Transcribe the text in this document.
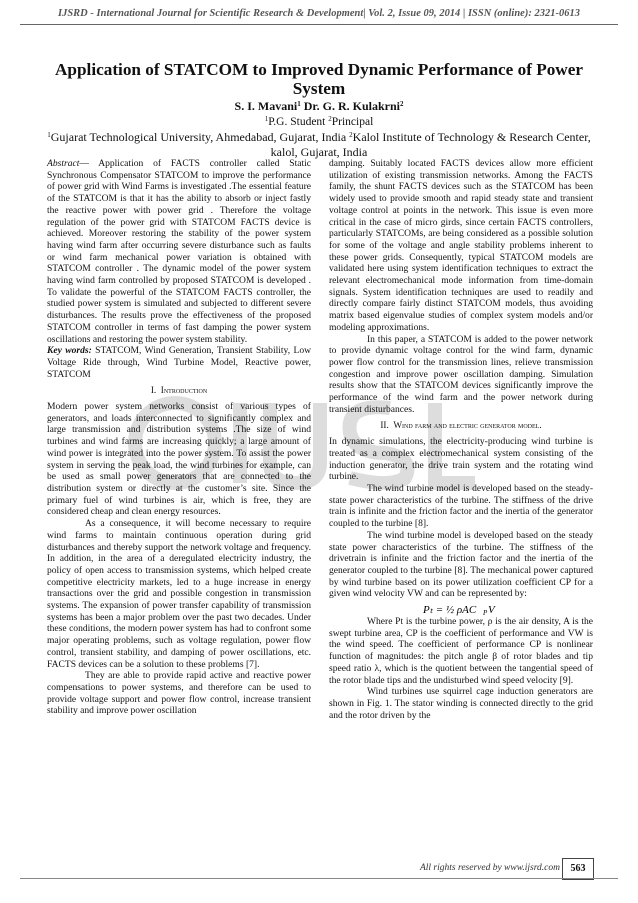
IJSRD - International Journal for Scientific Research & Development| Vol. 2, Issue 09, 2014 | ISSN (online): 2321-0613
Application of STATCOM to Improved Dynamic Performance of Power System
S. I. Mavani$^1$ Dr. G. R. Kulakrni$^2$
$^1$P.G. Student $^2$Principal
$^1$Gujarat Technological University, Ahmedabad, Gujarat, India $^2$Kalol Institute of Technology & Research Center, kalol, Gujarat, India

Abstract— Application of FACTS controller called Static Synchronous Compensator STATCOM to improve the performance of power grid with Wind Farms is investigated .The essential feature of the STATCOM is that it has the ability to absorb or inject fastly the reactive power with power grid . Therefore the voltage regulation of the power grid with STATCOM FACTS device is achieved. Moreover restoring the stability of the power system having wind farm after occurring severe disturbance such as faults or wind farm mechanical power variation is obtained with STATCOM controller . The dynamic model of the power system having wind farm controlled by proposed STATCOM is developed . To validate the powerful of the STATCOM FACTS controller, the studied power system is simulated and subjected to different severe disturbances. The results prove the effectiveness of the proposed STATCOM controller in terms of fast damping the power system oscillations and restoring the power system stability.

Key words: STATCOM, Wind Generation, Transient Stability, Low Voltage Ride through, Wind Turbine Model, Reactive power, STATCOM

I. Introduction

Modern power system networks consist of various types of generators, and loads interconnected to significantly complex and large transmission and distribution systems .The size of wind turbines and wind farms are increasing quickly; a large amount of wind power is integrated into the power system. To assist the power system in serving the peak load, the wind turbines for example, can be used as small power generators that are connected to the distribution system or directly at the customer’s site. Since the primary fuel of wind turbines is air, which is free, they are considered cheap and clean energy resources.

As a consequence, it will become necessary to require wind farms to maintain continuous operation during grid disturbances and thereby support the network voltage and frequency. In addition, in the area of a deregulated electricity industry, the policy of open access to transmission systems, which helped create competitive electricity markets, led to a huge increase in energy transactions over the grid and possible congestion in transmission systems. The expansion of power transfer capability of transmission systems has been a major problem over the past two decades. Under these conditions, the modern power system has had to confront some major operating problems, such as voltage regulation, power flow control, transient stability, and damping of power oscillations, etc. FACTS devices can be a solution to these problems [7].

They are able to provide rapid active and reactive power compensations to power systems, and therefore can be used to provide voltage support and power flow control, increase transient stability and improve power oscillation

damping. Suitably located FACTS devices allow more efficient utilization of existing transmission networks. Among the FACTS family, the shunt FACTS devices such as the STATCOM has been widely used to provide smooth and rapid steady state and transient voltage control at points in the network. This issue is even more critical in the case of micro girds, since certain FACTS controllers, particularly STATCOMs, are being considered as a possible solution for some of the voltage and angle stability problems inherent to these power grids. Consequently, typical STATCOM models are validated here using system identification techniques to extract the relevant electromechanical mode information from time-domain signals. System identification techniques are used to readily and directly compare fairly distinct STATCOM models, thus avoiding matrix based eigenvalue studies of complex system models and/or modeling approximations.

In this paper, a STATCOM is added to the power network to provide dynamic voltage control for the wind farm, dynamic power flow control for the transmission lines, relieve transmission congestion and improve power oscillation damping. Simulation results show that the STATCOM devices significantly improve the performance of the wind farm and the power network during transient disturbances.

II. Wind farm and electric generator model.

In dynamic simulations, the electricity-producing wind turbine is treated as a complex electromechanical system consisting of the induction generator, the drive train system and the rotating wind turbine.

The wind turbine model is developed based on the steady-state power characteristics of the turbine. The stiffness of the drive train is infinite and the friction factor and the inertia of the generator coupled to the turbine [8].

The wind turbine model is developed based on the steady state power characteristics of the turbine. The stiffness of the drivetrain is infinite and the friction factor and the inertia of the generator coupled to the turbine [8]. The mechanical power captured by wind turbine based on its power utilization coefficient CP for a given wind velocity VW and can be represented by:

Pₜ = ½ ρAC P V

Where Pt is the turbine power, ρ is the air density, A is the swept turbine area, CP is the coefficient of performance and VW is the wind speed. The coefficient of performance CP is nonlinear function of magnitudes: the pitch angle β of rotor blades and tip speed ratio λ, which is the quotient between the tangential speed of the rotor blade tips and the undisturbed wind speed velocity [9].

Wind turbines use squirrel cage induction generators are shown in Fig. 1. The stator winding is connected directly to the grid and the rotor driven by the

All rights reserved by www.ijsrd.com	563
